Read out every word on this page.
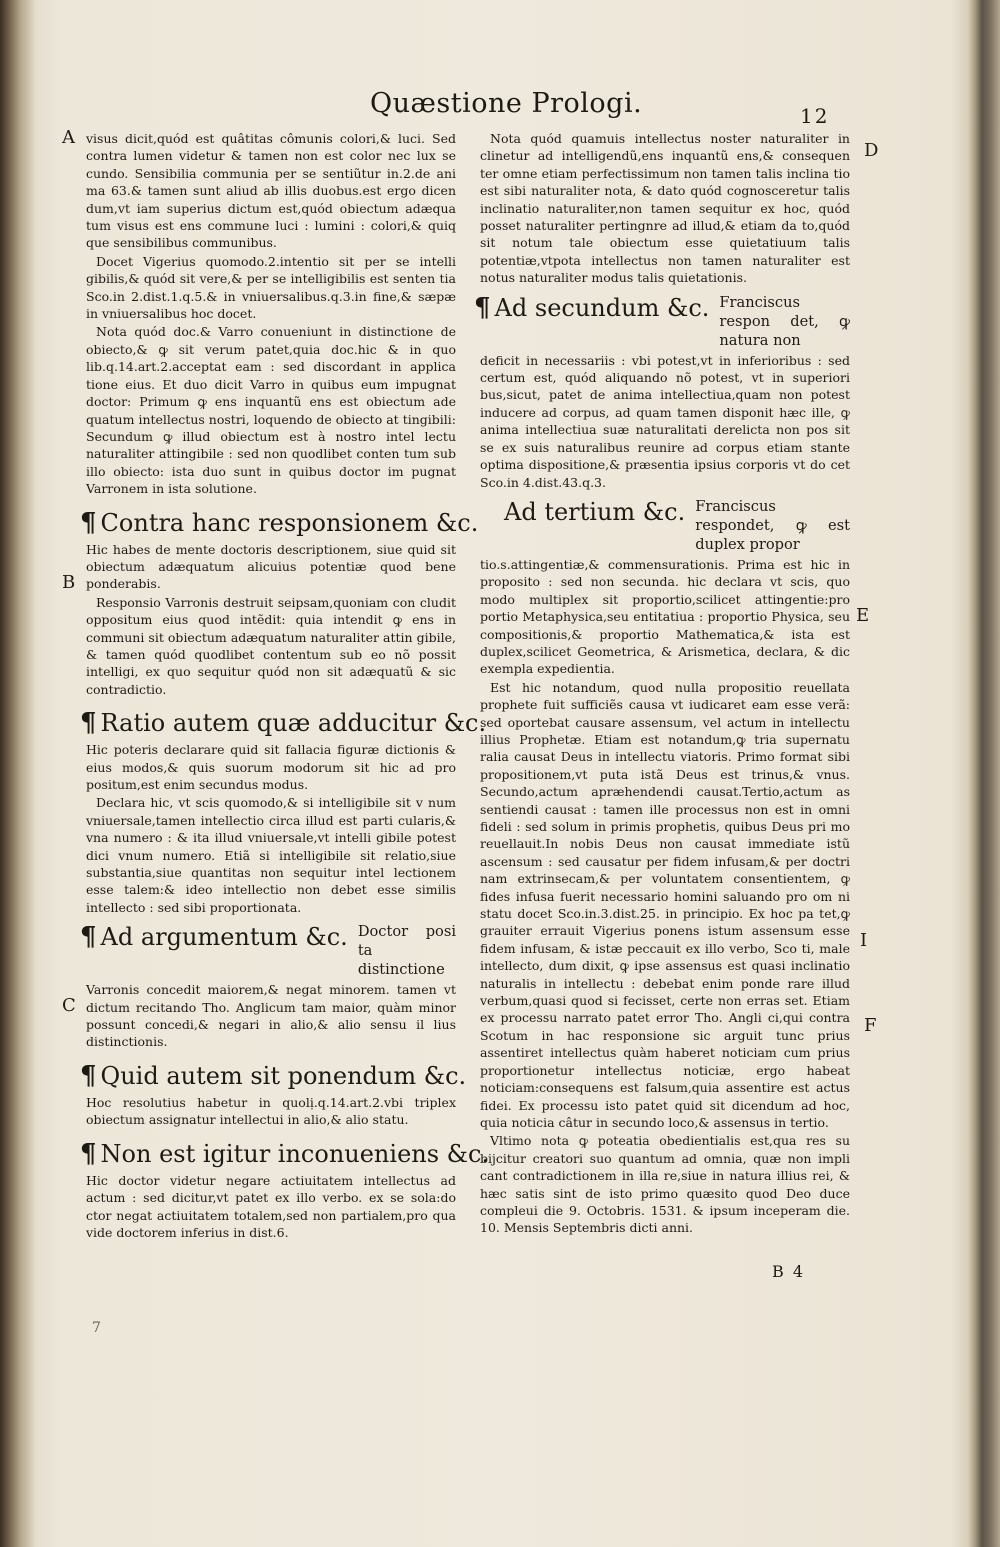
Quæstione Prologi.	12
A
B
C
D
E
I
F

visus dicit,quód est quâtitas cômunis colori,& luci. Sed contra lumen videtur & tamen non est color nec lux se cundo. Sensibilia communia per se sentiũtur in.2.de ani ma 63.& tamen sunt aliud ab illis duobus.est ergo dicen dum,vt iam superius dictum est,quód obiectum adæqua tum visus est ens commune luci : lumini : colori,& quiq que sensibilibus communibus.

Docet Vigerius quomodo.2.intentio sit per se intelli gibilis,& quód sit vere,& per se intelligibilis est senten tia Sco.in 2.dist.1.q.5.& in vniuersalibus.q.3.in fine,& sæpæ in vniuersalibus hoc docet.

Nota quód doc.& Varro conueniunt in distinctione de obiecto,& ꝙ sit verum patet,quia doc.hic & in quo lib.q.14.art.2.acceptat eam : sed discordant in applica tione eius. Et duo dicit Varro in quibus eum impugnat doctor: Primum ꝙ ens inquantũ ens est obiectum ade quatum intellectus nostri, loquendo de obiecto at tingibili: Secundum ꝙ illud obiectum est à nostro intel lectu naturaliter attingibile : sed non quodlibet conten tum sub illo obiecto: ista duo sunt in quibus doctor im pugnat Varronem in ista solutione.

¶ Contra hanc responsionem &c.

Hic habes de mente doctoris descriptionem, siue quid sit obiectum adæquatum alicuius potentiæ quod bene ponderabis.

Responsio Varronis destruit seipsam,quoniam con cludit oppositum eius quod intẽdit: quia intendit ꝙ ens in communi sit obiectum adæquatum naturaliter attin gibile, & tamen quód quodlibet contentum sub eo nõ possit intelligi, ex quo sequitur quód non sit adæquatũ & sic contradictio.

¶ Ratio autem quæ adducitur &c.

Hic poteris declarare quid sit fallacia figuræ dictionis & eius modos,& quis suorum modorum sit hic ad pro positum,est enim secundus modus.

Declara hic, vt scis quomodo,& si intelligibile sit v num vniuersale,tamen intellectio circa illud est parti cularis,& vna numero : & ita illud vniuersale,vt intelli gibile potest dici vnum numero. Etiã si intelligibile sit relatio,siue substantia,siue quantitas non sequitur intel lectionem esse talem:& ideo intellectio non debet esse similis intellecto : sed sibi proportionata.

¶ Ad argumentum &c. Doctor posi ta distinctione

Varronis concedit maiorem,& negat minorem. tamen vt dictum recitando Tho. Anglicum tam maior, quàm minor possunt concedi,& negari in alio,& alio sensu il lius distinctionis.

¶ Quid autem sit ponendum &c.

Hoc resolutius habetur in quolị.q.14.art.2.vbi triplex obiectum assignatur intellectui in alio,& alio statu.

¶ Non est igitur inconueniens &c.

Hic doctor videtur negare actiuitatem intellectus ad actum : sed dicitur,vt patet ex illo verbo. ex se sola:do ctor negat actiuitatem totalem,sed non partialem,pro qua vide doctorem inferius in dist.6.

Nota quód quamuis intellectus noster naturaliter in clinetur ad intelligendũ,ens inquantũ ens,& consequen ter omne etiam perfectissimum non tamen talis inclina tio est sibi naturaliter nota, & dato quód cognosceretur talis inclinatio naturaliter,non tamen sequitur ex hoc, quód posset naturaliter pertingnre ad illud,& etiam da to,quód sit notum tale obiectum esse quietatiuum talis potentiæ,vtpota intellectus non tamen naturaliter est notus naturaliter modus talis quietationis.

¶ Ad secundum &c. Franciscus respon det, ꝙ natura non

deficit in necessariis : vbi potest,vt in inferioribus : sed certum est, quód aliquando nõ potest, vt in superiori bus,sicut, patet de anima intellectiua,quam non potest inducere ad corpus, ad quam tamen disponit hæc ille, ꝙ anima intellectiua suæ naturalitati derelicta non pos sit se ex suis naturalibus reunire ad corpus etiam stante optima dispositione,& præsentia ipsius corporis vt do cet Sco.in 4.dist.43.q.3.

Ad tertium &c. Franciscus respondet, ꝙ est duplex propor

tio.s.attingentiæ,& commensurationis. Prima est hic in proposito : sed non secunda. hic declara vt scis, quo modo multiplex sit proportio,scilicet attingentie:pro portio Metaphysica,seu entitatiua : proportio Physica, seu compositionis,& proportio Mathematica,& ista est duplex,scilicet Geometrica, & Arismetica, declara, & dic exempla expedientia.

Est hic notandum, quod nulla propositio reuellata prophete fuit sufficiẽs causa vt iudicaret eam esse verã: sed oportebat causare assensum, vel actum in intellectu illius Prophetæ. Etiam est notandum,ꝙ tria supernatu ralia causat Deus in intellectu viatoris. Primo format sibi propositionem,vt puta istã Deus est trinus,& vnus. Secundo,actum apræhendendi causat.Tertio,actum as sentiendi causat : tamen ille processus non est in omni fideli : sed solum in primis prophetis, quibus Deus pri mo reuellauit.In nobis Deus non causat immediate istũ ascensum : sed causatur per fidem infusam,& per doctri nam extrinsecam,& per voluntatem consentientem, ꝙ fides infusa fuerit necessario homini saluando pro om ni statu docet Sco.in.3.dist.25. in principio. Ex hoc pa tet,ꝙ grauiter errauit Vigerius ponens istum assensum esse fidem infusam, & istæ peccauit ex illo verbo, Sco ti, male intellecto, dum dixit, ꝙ ipse assensus est quasi inclinatio naturalis in intellectu : debebat enim ponde rare illud verbum,quasi quod si fecisset, certe non erras set. Etiam ex processu narrato patet error Tho. Angli ci,qui contra Scotum in hac responsione sic arguit tunc prius assentiret intellectus quàm haberet noticiam cum prius proportionetur intellectus noticiæ, ergo habeat noticiam:consequens est falsum,quia assentire est actus fidei. Ex processu isto patet quid sit dicendum ad hoc, quia noticia câtur in secundo loco,& assensus in tertio.

Vltimo nota ꝙ poteatia obedientialis est,qua res su bijcitur creatori suo quantum ad omnia, quæ non impli cant contradictionem in illa re,siue in natura illius rei, & hæc satis sint de isto primo quæsito quod Deo duce compleui die 9. Octobris. 1531. & ipsum inceperam die. 10. Mensis Septembris dicti anni.

B 4
7
